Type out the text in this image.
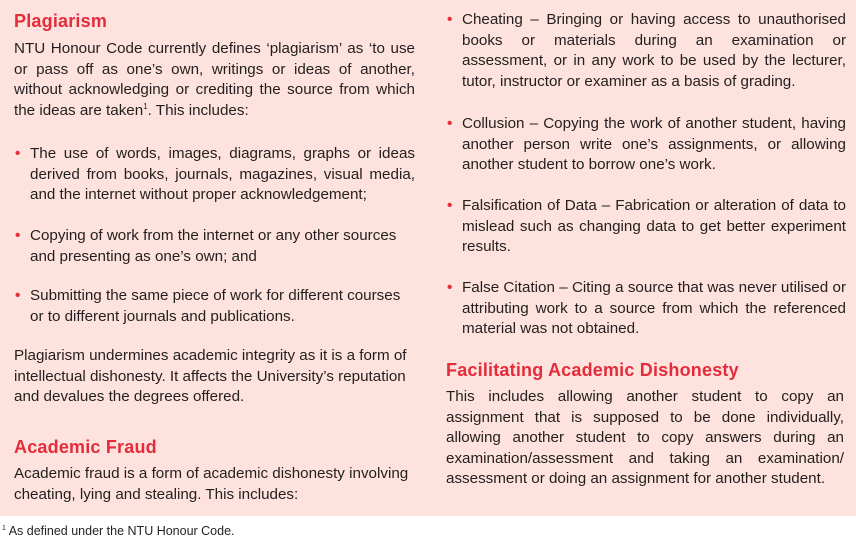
Plagiarism

NTU Honour Code currently defines ‘plagiarism’ as ‘to use or pass off as one’s own, writings or ideas of another, without acknowledging or crediting the source from which the ideas are taken$^1$. This includes:

• The use of words, images, diagrams, graphs or ideas derived from books, journals, magazines, visual media, and the internet without proper acknowledgement;
• Copying of work from the internet or any other sources and presenting as one’s own; and
• Submitting the same piece of work for different courses or to different journals and publications.

Plagiarism undermines academic integrity as it is a form of intellectual dishonesty. It affects the University’s reputation and devalues the degrees offered.

Academic Fraud

Academic fraud is a form of academic dishonesty involving cheating, lying and stealing. This includes:

• Cheating – Bringing or having access to unauthorised books or materials during an examination or assessment, or in any work to be used by the lecturer, tutor, instructor or examiner as a basis of grading.
• Collusion – Copying the work of another student, having another person write one’s assignments, or allowing another student to borrow one’s work.
• Falsification of Data – Fabrication or alteration of data to mislead such as changing data to get better experiment results.
• False Citation – Citing a source that was never utilised or attributing work to a source from which the referenced material was not obtained.
Facilitating Academic Dishonesty

This includes allowing another student to copy an assignment that is supposed to be done individually, allowing another student to copy answers during an examination/assessment and taking an examination/ assessment or doing an assignment for another student.

$^1$ As defined under the NTU Honour Code.
